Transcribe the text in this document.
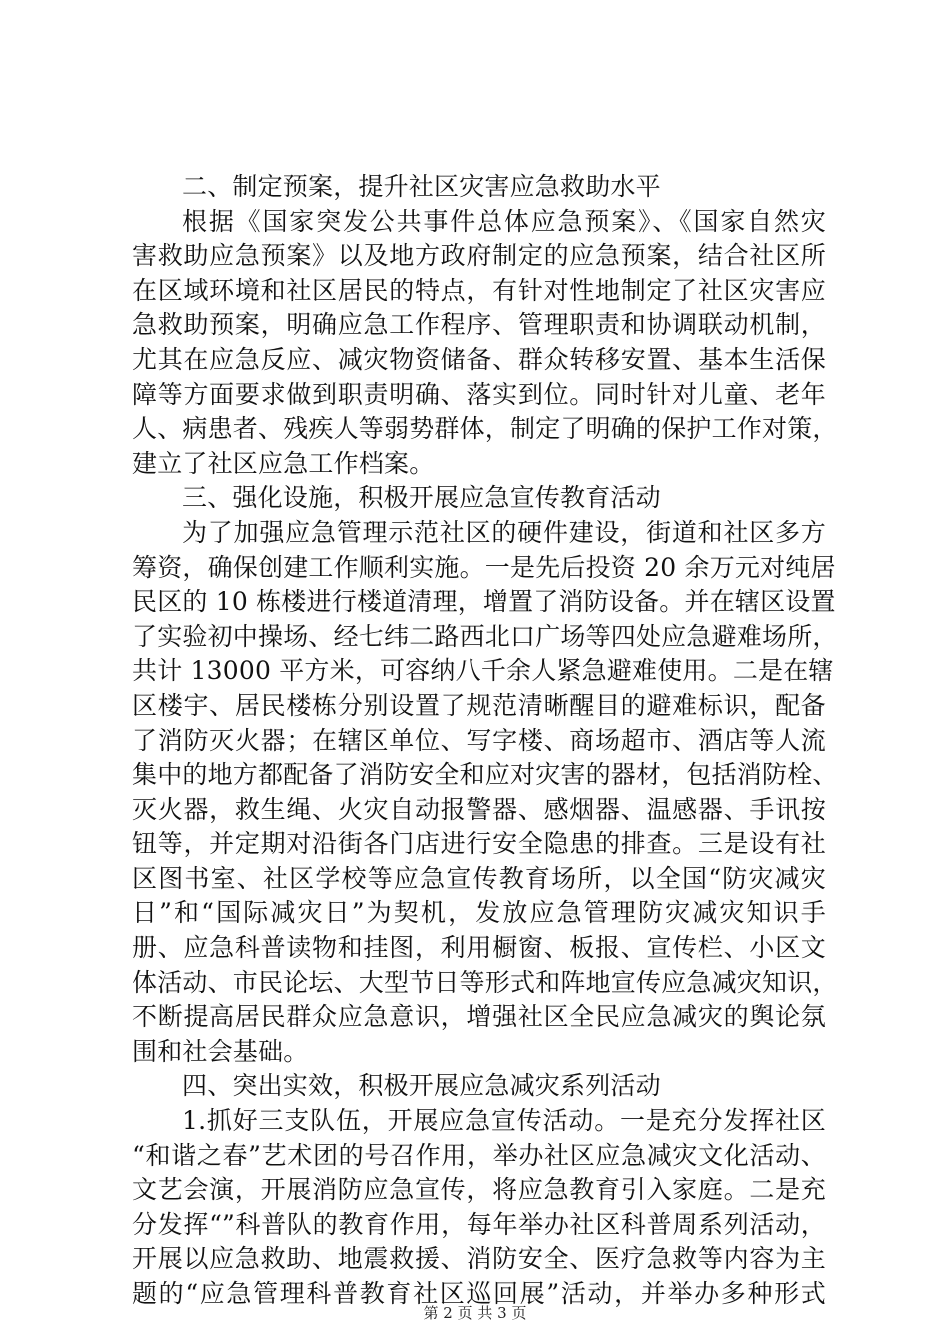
二、制定预案，提升社区灾害应急救助水平
根据《国家突发公共事件总体应急预案》、《国家自然灾
害救助应急预案》以及地方政府制定的应急预案，结合社区所
在区域环境和社区居民的特点，有针对性地制定了社区灾害应
急救助预案，明确应急工作程序、管理职责和协调联动机制，
尤其在应急反应、减灾物资储备、群众转移安置、基本生活保
障等方面要求做到职责明确、落实到位。同时针对儿童、老年
人、病患者、残疾人等弱势群体，制定了明确的保护工作对策，
建立了社区应急工作档案。
三、强化设施，积极开展应急宣传教育活动
为了加强应急管理示范社区的硬件建设，街道和社区多方
筹资，确保创建工作顺利实施。一是先后投资 20 余万元对纯居
民区的 10 栋楼进行楼道清理，增置了消防设备。并在辖区设置
了实验初中操场、经七纬二路西北口广场等四处应急避难场所，
共计 13000 平方米，可容纳八千余人紧急避难使用。二是在辖
区楼宇、居民楼栋分别设置了规范清晰醒目的避难标识，配备
了消防灭火器；在辖区单位、写字楼、商场超市、酒店等人流
集中的地方都配备了消防安全和应对灾害的器材，包括消防栓、
灭火器，救生绳、火灾自动报警器、感烟器、温感器、手讯按
钮等，并定期对沿街各门店进行安全隐患的排查。三是设有社
区图书室、社区学校等应急宣传教育场所，以全国“防灾减灾
日”和“国际减灾日”为契机，发放应急管理防灾减灾知识手
册、应急科普读物和挂图，利用橱窗、板报、宣传栏、小区文
体活动、市民论坛、大型节日等形式和阵地宣传应急减灾知识，
不断提高居民群众应急意识，增强社区全民应急减灾的舆论氛
围和社会基础。
四、突出实效，积极开展应急减灾系列活动
1.抓好三支队伍，开展应急宣传活动。一是充分发挥社区
“和谐之春”艺术团的号召作用，举办社区应急减灾文化活动、
文艺会演，开展消防应急宣传，将应急教育引入家庭。二是充
分发挥“”科普队的教育作用，每年举办社区科普周系列活动，
开展以应急救助、地震救援、消防安全、医疗急救等内容为主
题的“应急管理科普教育社区巡回展”活动，并举办多种形式
第 2 页 共 3 页
